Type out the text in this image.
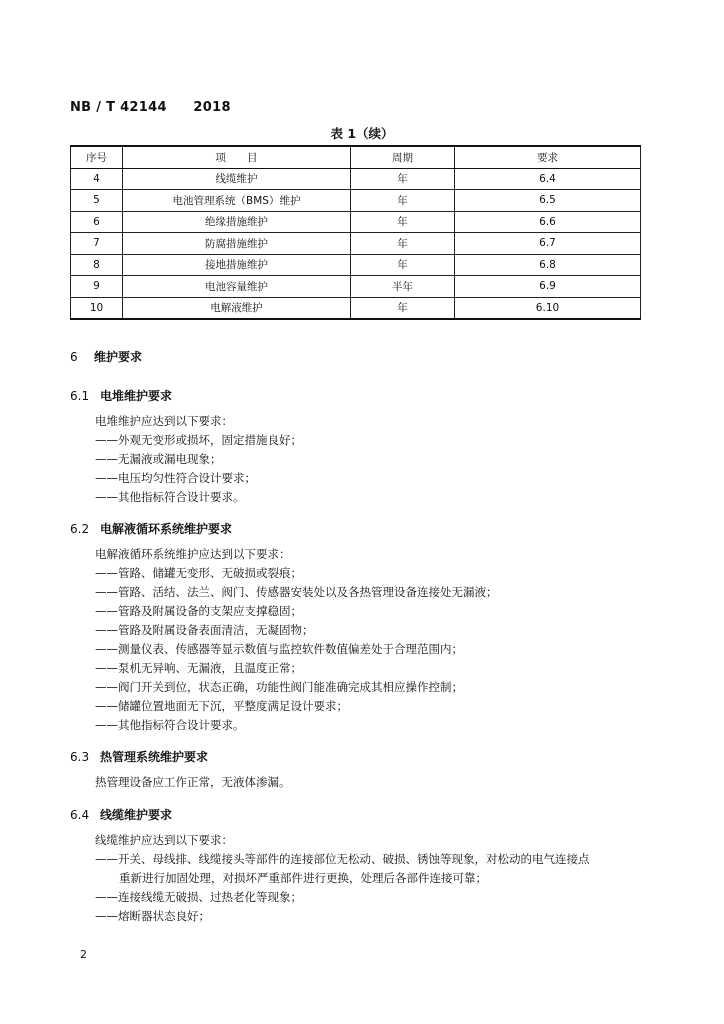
NB / T 42144　　2018
表 1（续）
序号	项　　目	周期	要求
4	线缆维护	年	6.4
5	电池管理系统（BMS）维护	年	6.5
6	绝缘措施维护	年	6.6
7	防腐措施维护	年	6.7
8	接地措施维护	年	6.8
9	电池容量维护	半年	6.9
10	电解液维护	年	6.10
6 维护要求
6.1 电堆维护要求
电堆维护应达到以下要求：
——外观无变形或损坏，固定措施良好；
——无漏液或漏电现象；
——电压均匀性符合设计要求；
——其他指标符合设计要求。
6.2 电解液循环系统维护要求
电解液循环系统维护应达到以下要求：
——管路、储罐无变形、无破损或裂痕；
——管路、活结、法兰、阀门、传感器安装处以及各热管理设备连接处无漏液；
——管路及附属设备的支架应支撑稳固；
——管路及附属设备表面清洁，无凝固物；
——测量仪表、传感器等显示数值与监控软件数值偏差处于合理范围内；
——泵机无异响、无漏液，且温度正常；
——阀门开关到位，状态正确，功能性阀门能准确完成其相应操作控制；
——储罐位置地面无下沉，平整度满足设计要求；
——其他指标符合设计要求。
6.3 热管理系统维护要求
热管理设备应工作正常，无液体渗漏。
6.4 线缆维护要求
线缆维护应达到以下要求：
——开关、母线排、线缆接头等部件的连接部位无松动、破损、锈蚀等现象，对松动的电气连接点
重新进行加固处理，对损坏严重部件进行更换，处理后各部件连接可靠；
——连接线缆无破损、过热老化等现象；
——熔断器状态良好；
2
